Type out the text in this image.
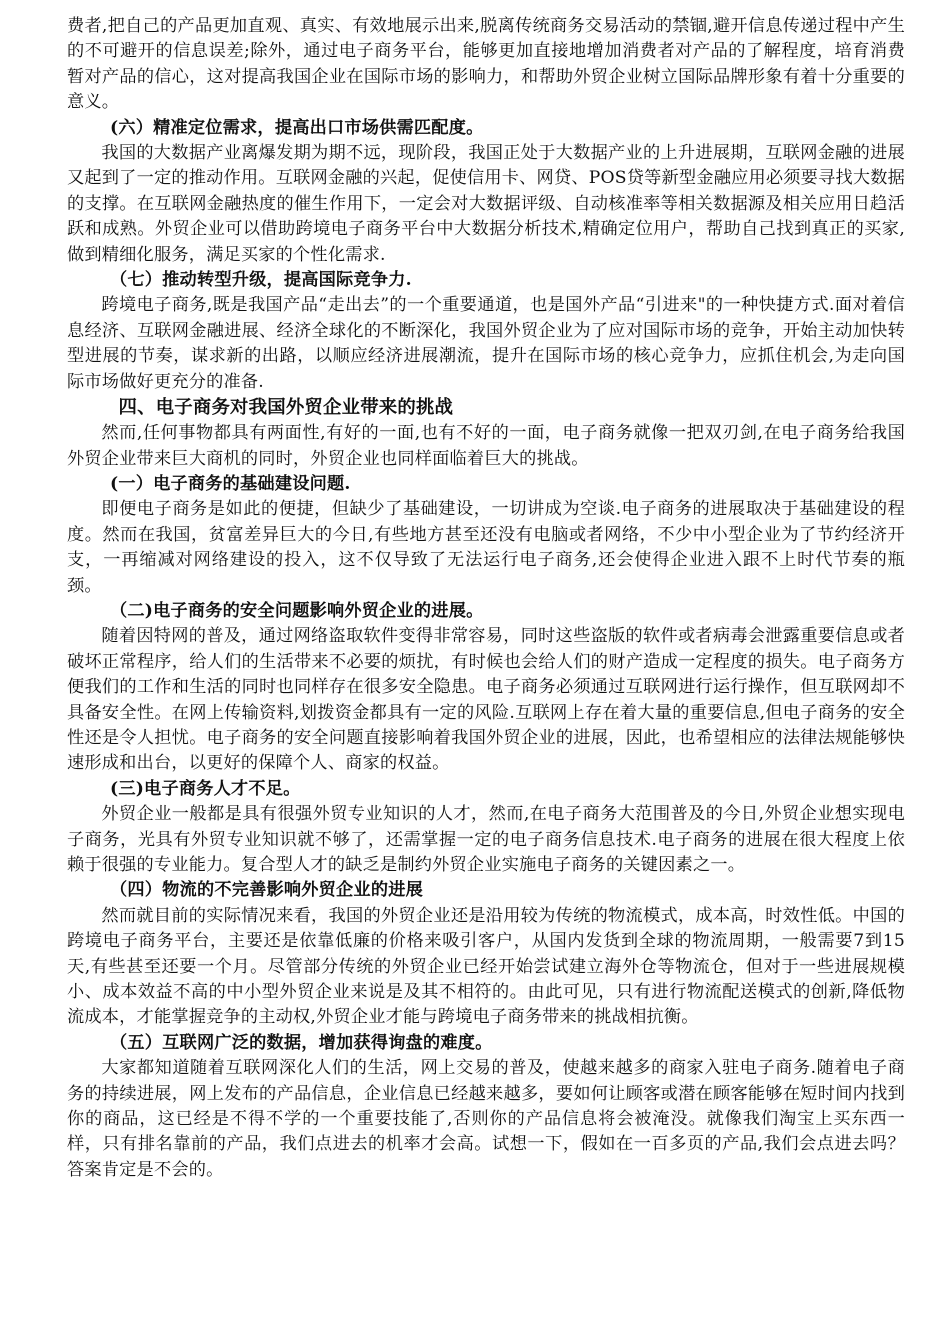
费者,把自己的产品更加直观、真实、有效地展示出来,脱离传统商务交易活动的禁锢,避开信息传递过程中产生的不可避开的信息误差;除外，通过电子商务平台，能够更加直接地增加消费者对产品的了解程度，培育消费暂对产品的信心，这对提高我国企业在国际市场的影响力，和帮助外贸企业树立国际品牌形象有着十分重要的意义。

(六）精准定位需求，提高出口市场供需匹配度。

我国的大数据产业离爆发期为期不远，现阶段，我国正处于大数据产业的上升进展期，互联网金融的进展又起到了一定的推动作用。互联网金融的兴起，促使信用卡、网贷、POS贷等新型金融应用必须要寻找大数据的支撑。在互联网金融热度的催生作用下，一定会对大数据评级、自动核准率等相关数据源及相关应用日趋活跃和成熟。外贸企业可以借助跨境电子商务平台中大数据分析技术,精确定位用户，帮助自己找到真正的买家,做到精细化服务，满足买家的个性化需求.

（七）推动转型升级，提高国际竞争力.

跨境电子商务,既是我国产品“走出去”的一个重要通道，也是国外产品“引进来"的一种快捷方式.面对着信息经济、互联网金融进展、经济全球化的不断深化，我国外贸企业为了应对国际市场的竞争，开始主动加快转型进展的节奏，谋求新的出路，以顺应经济进展潮流，提升在国际市场的核心竞争力，应抓住机会,为走向国际市场做好更充分的准备.

四、电子商务对我国外贸企业带来的挑战

然而,任何事物都具有两面性,有好的一面,也有不好的一面，电子商务就像一把双刃剑,在电子商务给我国外贸企业带来巨大商机的同时，外贸企业也同样面临着巨大的挑战。

(一）电子商务的基础建设问题.

即便电子商务是如此的便捷，但缺少了基础建设，一切讲成为空谈.电子商务的进展取决于基础建设的程度。然而在我国，贫富差异巨大的今日,有些地方甚至还没有电脑或者网络，不少中小型企业为了节约经济开支，一再缩减对网络建设的投入，这不仅导致了无法运行电子商务,还会使得企业进入跟不上时代节奏的瓶颈。

（二)电子商务的安全问题影响外贸企业的进展。

随着因特网的普及，通过网络盗取软件变得非常容易，同时这些盗版的软件或者病毒会泄露重要信息或者破坏正常程序，给人们的生活带来不必要的烦扰，有时候也会给人们的财产造成一定程度的损失。电子商务方便我们的工作和生活的同时也同样存在很多安全隐患。电子商务必须通过互联网进行运行操作，但互联网却不具备安全性。在网上传输资料,划拨资金都具有一定的风险.互联网上存在着大量的重要信息,但电子商务的安全性还是令人担忧。电子商务的安全问题直接影响着我国外贸企业的进展，因此，也希望相应的法律法规能够快速形成和出台，以更好的保障个人、商家的权益。

(三)电子商务人才不足。

外贸企业一般都是具有很强外贸专业知识的人才，然而,在电子商务大范围普及的今日,外贸企业想实现电子商务，光具有外贸专业知识就不够了，还需掌握一定的电子商务信息技术.电子商务的进展在很大程度上依赖于很强的专业能力。复合型人才的缺乏是制约外贸企业实施电子商务的关键因素之一。

（四）物流的不完善影响外贸企业的进展

然而就目前的实际情况来看，我国的外贸企业还是沿用较为传统的物流模式，成本高，时效性低。中国的跨境电子商务平台，主要还是依靠低廉的价格来吸引客户，从国内发货到全球的物流周期，一般需要7到15天,有些甚至还要一个月。尽管部分传统的外贸企业已经开始尝试建立海外仓等物流仓，但对于一些进展规模小、成本效益不高的中小型外贸企业来说是及其不相符的。由此可见，只有进行物流配送模式的创新,降低物流成本，才能掌握竞争的主动权,外贸企业才能与跨境电子商务带来的挑战相抗衡。

（五）互联网广泛的数据，增加获得询盘的难度。

大家都知道随着互联网深化人们的生活，网上交易的普及，使越来越多的商家入驻电子商务.随着电子商务的持续进展，网上发布的产品信息，企业信息已经越来越多，要如何让顾客或潜在顾客能够在短时间内找到你的商品，这已经是不得不学的一个重要技能了,否则你的产品信息将会被淹没。就像我们淘宝上买东西一样，只有排名靠前的产品，我们点进去的机率才会高。试想一下，假如在一百多页的产品,我们会点进去吗？答案肯定是不会的。
